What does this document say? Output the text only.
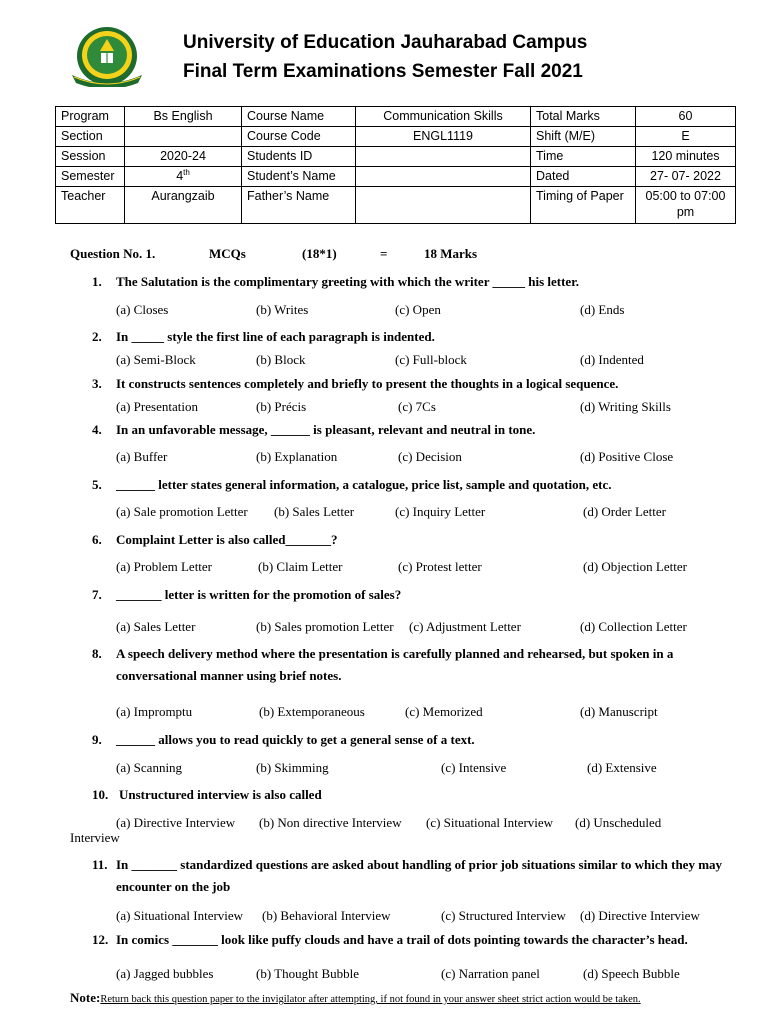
University of Education Jauharabad Campus
Final Term Examinations Semester Fall 2021
Program	Bs English	Course Name	Communication Skills	Total Marks	60
Section		Course Code	ENGL1119	Shift (M/E)	E
Session	2020-24	Students ID		Time	120 minutes
Semester	4th	Student’s Name		Dated	27- 07- 2022
Teacher	Aurangzaib	Father’s Name		Timing of Paper	05:00 to 07:00 pm
Question No. 1.	MCQs	(18*1)	=	18 Marks
1. The Salutation is the complimentary greeting with which the writer _____ his letter.
(a) Closes	(b) Writes	(c) Open	(d) Ends
2. In _____ style the first line of each paragraph is indented.
(a) Semi-Block	(b) Block	(c) Full-block	(d) Indented
3. It constructs sentences completely and briefly to present the thoughts in a logical sequence.
(a) Presentation	(b) Précis	(c) 7Cs	(d) Writing Skills
4. In an unfavorable message, ______ is pleasant, relevant and neutral in tone.
(a) Buffer	(b) Explanation	(c) Decision	(d) Positive Close
5. ______ letter states general information, a catalogue, price list, sample and quotation, etc.
(a) Sale promotion Letter (b) Sales Letter	(c) Inquiry Letter	(d) Order Letter
6. Complaint Letter is also called_______?
(a) Problem Letter	(b) Claim Letter	(c) Protest letter	(d) Objection Letter
7. _______ letter is written for the promotion of sales?
(a) Sales Letter	(b) Sales promotion Letter (c) Adjustment Letter	(d) Collection Letter
8. A speech delivery method where the presentation is carefully planned and rehearsed, but spoken in a conversational manner using brief notes.
(a) Impromptu	(b) Extemporaneous	(c) Memorized	(d) Manuscript
9. ______ allows you to read quickly to get a general sense of a text.
(a) Scanning	(b) Skimming	(c) Intensive	(d) Extensive
10. Unstructured interview is also called
(a) Directive Interview (b) Non directive Interview (c) Situational Interview (d) Unscheduled
Interview
11. In _______ standardized questions are asked about handling of prior job situations similar to which they may encounter on the job
(a) Situational Interview (b) Behavioral Interview	(c) Structured Interview (d) Directive Interview
12. In comics _______ look like puffy clouds and have a trail of dots pointing towards the character’s head.
(a) Jagged bubbles	(b) Thought Bubble	(c) Narration panel	(d) Speech Bubble
Note:Return back this question paper to the invigilator after attempting, if not found in your answer sheet strict action would be taken.
